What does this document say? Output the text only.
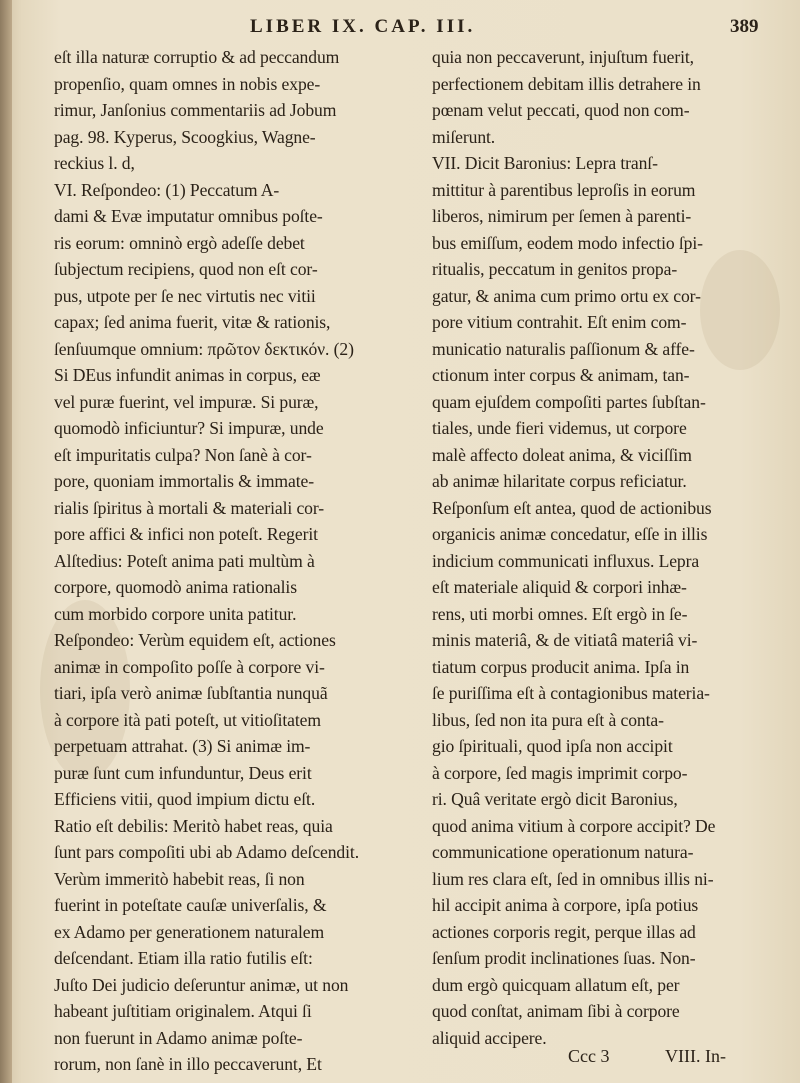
LIBER IX. CAP. III.	389
eſt illa naturæ corruptio & ad peccandum
propenſio, quam omnes in nobis expe-
rimur, Janſonius commentariis ad Jobum
pag. 98. Kyperus, Scoogkius, Wagne-
reckius l. d,
VI. Reſpondeo: (1) Peccatum A-
dami & Evæ imputatur omnibus poſte-
ris eorum: omninò ergò adeſſe debet
ſubjectum recipiens, quod non eſt cor-
pus, utpote per ſe nec virtutis nec vitii
capax; ſed anima fuerit, vitæ & rationis,
ſenſuumque omnium: πρῶτον δεκτικόν. (2)
Si DEus infundit animas in corpus, eæ
vel puræ fuerint, vel impuræ. Si puræ,
quomodò inficiuntur? Si impuræ, unde
eſt impuritatis culpa? Non ſanè à cor-
pore, quoniam immortalis & immate-
rialis ſpiritus à mortali & materiali cor-
pore affici & infici non poteſt. Regerit
Alſtedius: Poteſt anima pati multùm à
corpore, quomodò anima rationalis
cum morbido corpore unita patitur.
Reſpondeo: Verùm equidem eſt, actiones
animæ in compoſito poſſe à corpore vi-
tiari, ipſa verò animæ ſubſtantia nunquã
à corpore ità pati poteſt, ut vitioſitatem
perpetuam attrahat. (3) Si animæ im-
puræ ſunt cum infunduntur, Deus erit
Efficiens vitii, quod impium dictu eſt.
Ratio eſt debilis: Meritò habet reas, quia
ſunt pars compoſiti ubi ab Adamo deſcendit.
Verùm immeritò habebit reas, ſi non
fuerint in poteſtate cauſæ univerſalis, &
ex Adamo per generationem naturalem
deſcendant. Etiam illa ratio futilis eſt:
Juſto Dei judicio deſeruntur animæ, ut non
habeant juſtitiam originalem. Atqui ſi
non fuerunt in Adamo animæ poſte-
rorum, non ſanè in illo peccaverunt, Et
quia non peccaverunt, injuſtum fuerit,
perfectionem debitam illis detrahere in
pœnam velut peccati, quod non com-
miſerunt.
VII. Dicit Baronius: Lepra tranſ-
mittitur à parentibus leproſis in eorum
liberos, nimirum per ſemen à parenti-
bus emiſſum, eodem modo infectio ſpi-
ritualis, peccatum in genitos propa-
gatur, & anima cum primo ortu ex cor-
pore vitium contrahit. Eſt enim com-
municatio naturalis paſſionum & affe-
ctionum inter corpus & animam, tan-
quam ejuſdem compoſiti partes ſubſtan-
tiales, unde fieri videmus, ut corpore
malè affecto doleat anima, & viciſſim
ab animæ hilaritate corpus reficiatur.
Reſponſum eſt antea, quod de actionibus
organicis animæ concedatur, eſſe in illis
indicium communicati influxus. Lepra
eſt materiale aliquid & corpori inhæ-
rens, uti morbi omnes. Eſt ergò in ſe-
minis materiâ, & de vitiatâ materiâ vi-
tiatum corpus producit anima. Ipſa in
ſe puriſſima eſt à contagionibus materia-
libus, ſed non ita pura eſt à conta-
gio ſpirituali, quod ipſa non accipit
à corpore, ſed magis imprimit corpo-
ri. Quâ veritate ergò dicit Baronius,
quod anima vitium à corpore accipit? De
communicatione operationum natura-
lium res clara eſt, ſed in omnibus illis ni-
hil accipit anima à corpore, ipſa potius
actiones corporis regit, perque illas ad
ſenſum prodit inclinationes ſuas. Non-
dum ergò quicquam allatum eſt, per
quod conſtat, animam ſibi à corpore
aliquid accipere.
Ccc 3	VIII. In-
